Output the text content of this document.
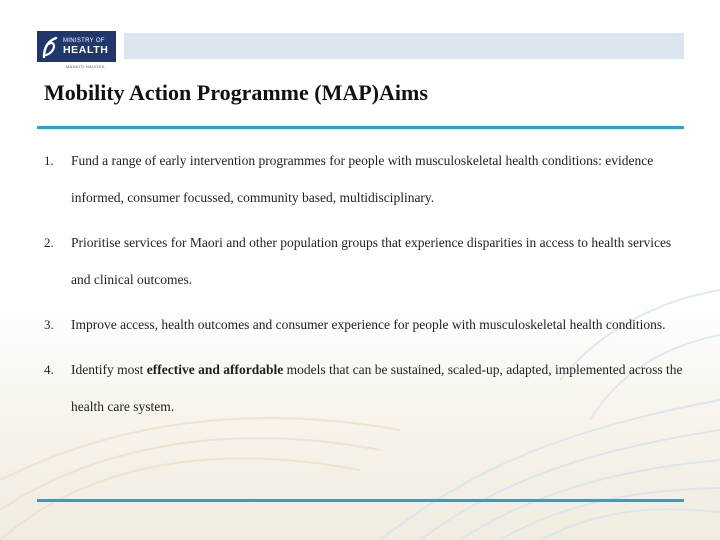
MINISTRY OF
HEALTH
MANATŪ HAUORA
Mobility Action Programme (MAP)Aims
1.	Fund a range of early intervention programmes for people with musculoskeletal health conditions: evidence informed, consumer focussed, community based, multidisciplinary.
2.	Prioritise services for Maori and other population groups that experience disparities in access to health services and clinical outcomes.
3.	Improve access, health outcomes and consumer experience for people with musculoskeletal health conditions.
4.	Identify most effective and affordable models that can be sustained, scaled-up, adapted, implemented across the health care system.
